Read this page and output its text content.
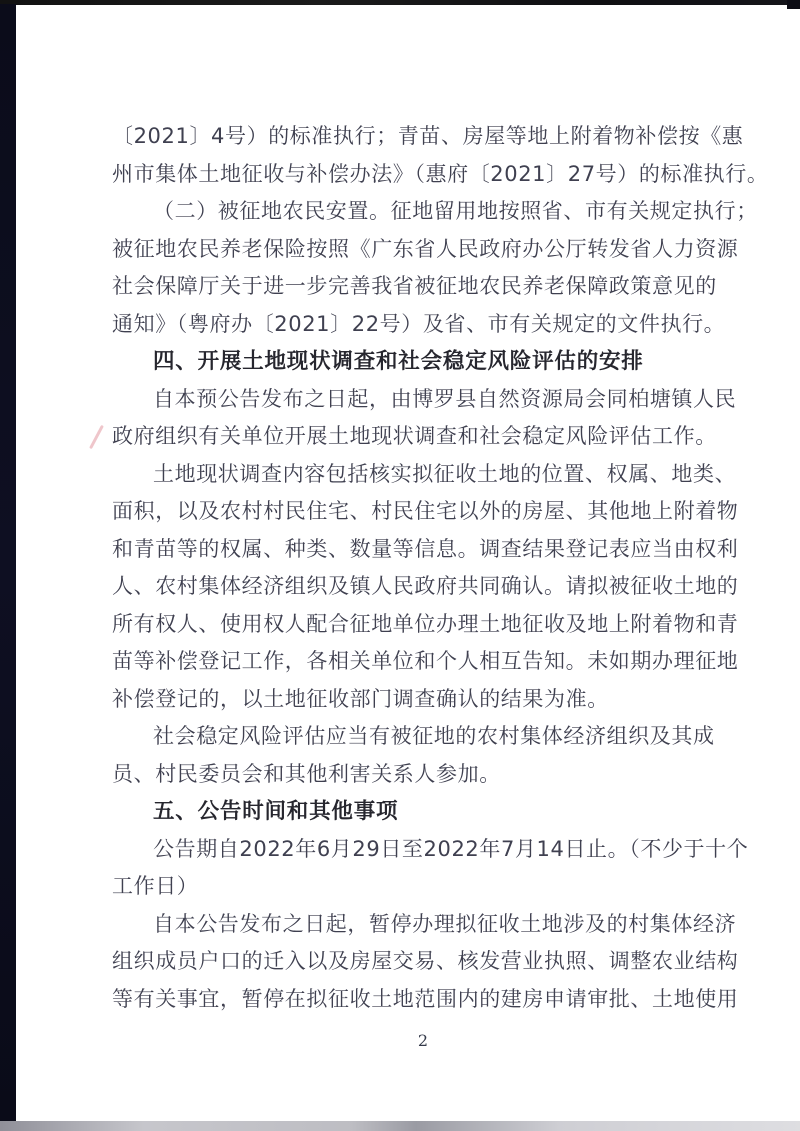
〔2021〕4号）的标准执行；青苗、房屋等地上附着物补偿按《惠
州市集体土地征收与补偿办法》（惠府〔2021〕27号）的标准执行。
（二）被征地农民安置。征地留用地按照省、市有关规定执行；
被征地农民养老保险按照《广东省人民政府办公厅转发省人力资源
社会保障厅关于进一步完善我省被征地农民养老保障政策意见的
通知》（粤府办〔2021〕22号）及省、市有关规定的文件执行。
四、开展土地现状调查和社会稳定风险评估的安排
自本预公告发布之日起，由博罗县自然资源局会同柏塘镇人民
政府组织有关单位开展土地现状调查和社会稳定风险评估工作。
土地现状调查内容包括核实拟征收土地的位置、权属、地类、
面积，以及农村村民住宅、村民住宅以外的房屋、其他地上附着物
和青苗等的权属、种类、数量等信息。调查结果登记表应当由权利
人、农村集体经济组织及镇人民政府共同确认。请拟被征收土地的
所有权人、使用权人配合征地单位办理土地征收及地上附着物和青
苗等补偿登记工作，各相关单位和个人相互告知。未如期办理征地
补偿登记的，以土地征收部门调查确认的结果为准。
社会稳定风险评估应当有被征地的农村集体经济组织及其成
员、村民委员会和其他利害关系人参加。
五、公告时间和其他事项
公告期自2022年6月29日至2022年7月14日止。（不少于十个
工作日）
自本公告发布之日起，暂停办理拟征收土地涉及的村集体经济
组织成员户口的迁入以及房屋交易、核发营业执照、调整农业结构
等有关事宜，暂停在拟征收土地范围内的建房申请审批、土地使用
2
